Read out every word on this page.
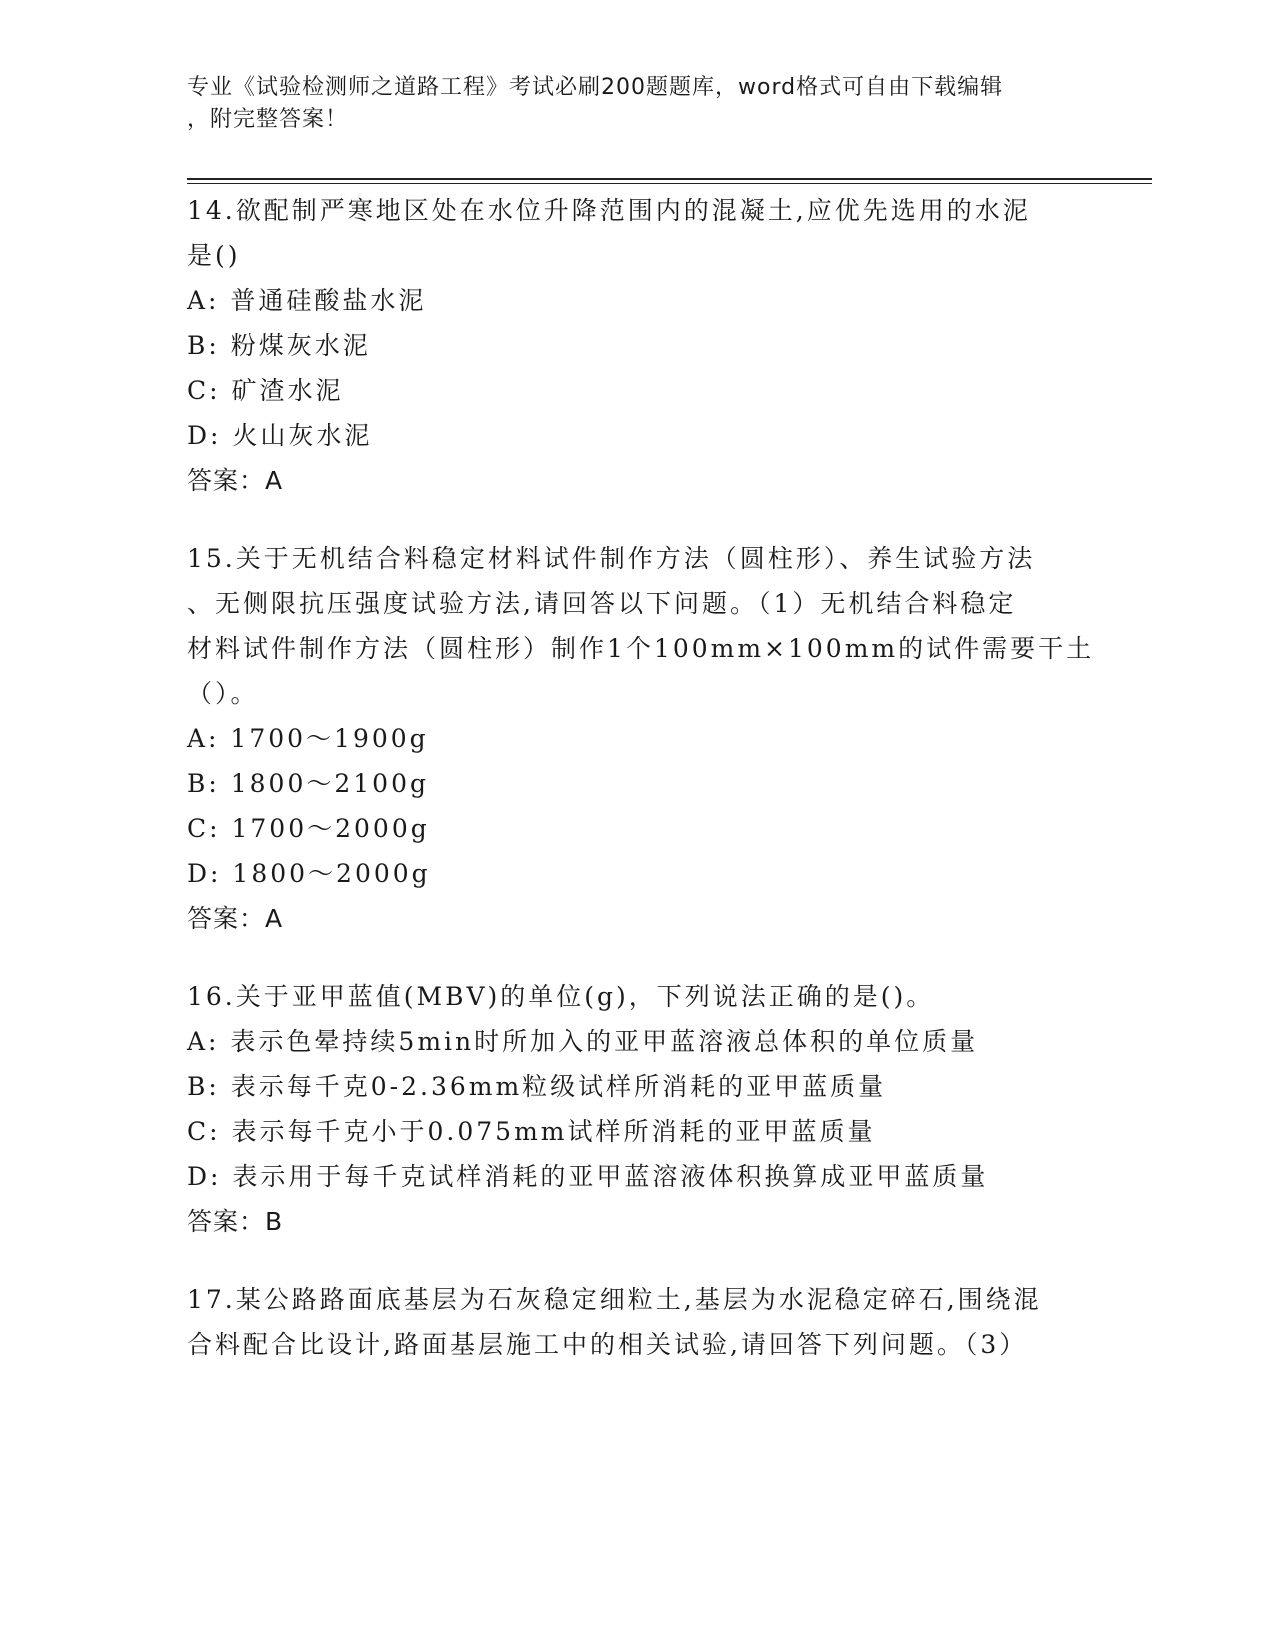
专业《试验检测师之道路工程》考试必刷200题题库，word格式可自由下载编辑
，附完整答案！
14.欲配制严寒地区处在水位升降范围内的混凝土,应优先选用的水泥
是()
A: 普通硅酸盐水泥
B: 粉煤灰水泥
C: 矿渣水泥
D: 火山灰水泥
答案：A
15.关于无机结合料稳定材料试件制作方法（圆柱形）、养生试验方法
、无侧限抗压强度试验方法,请回答以下问题。（1）无机结合料稳定
材料试件制作方法（圆柱形）制作1个100mm×100mm的试件需要干土
（）。
A: 1700～1900g
B: 1800～2100g
C: 1700～2000g
D: 1800～2000g
答案：A
16.关于亚甲蓝值(MBV)的单位(g)，下列说法正确的是()。
A: 表示色晕持续5min时所加入的亚甲蓝溶液总体积的单位质量
B: 表示每千克0-2.36mm粒级试样所消耗的亚甲蓝质量
C: 表示每千克小于0.075mm试样所消耗的亚甲蓝质量
D: 表示用于每千克试样消耗的亚甲蓝溶液体积换算成亚甲蓝质量
答案：B
17.某公路路面底基层为石灰稳定细粒土,基层为水泥稳定碎石,围绕混
合料配合比设计,路面基层施工中的相关试验,请回答下列问题。（3）
